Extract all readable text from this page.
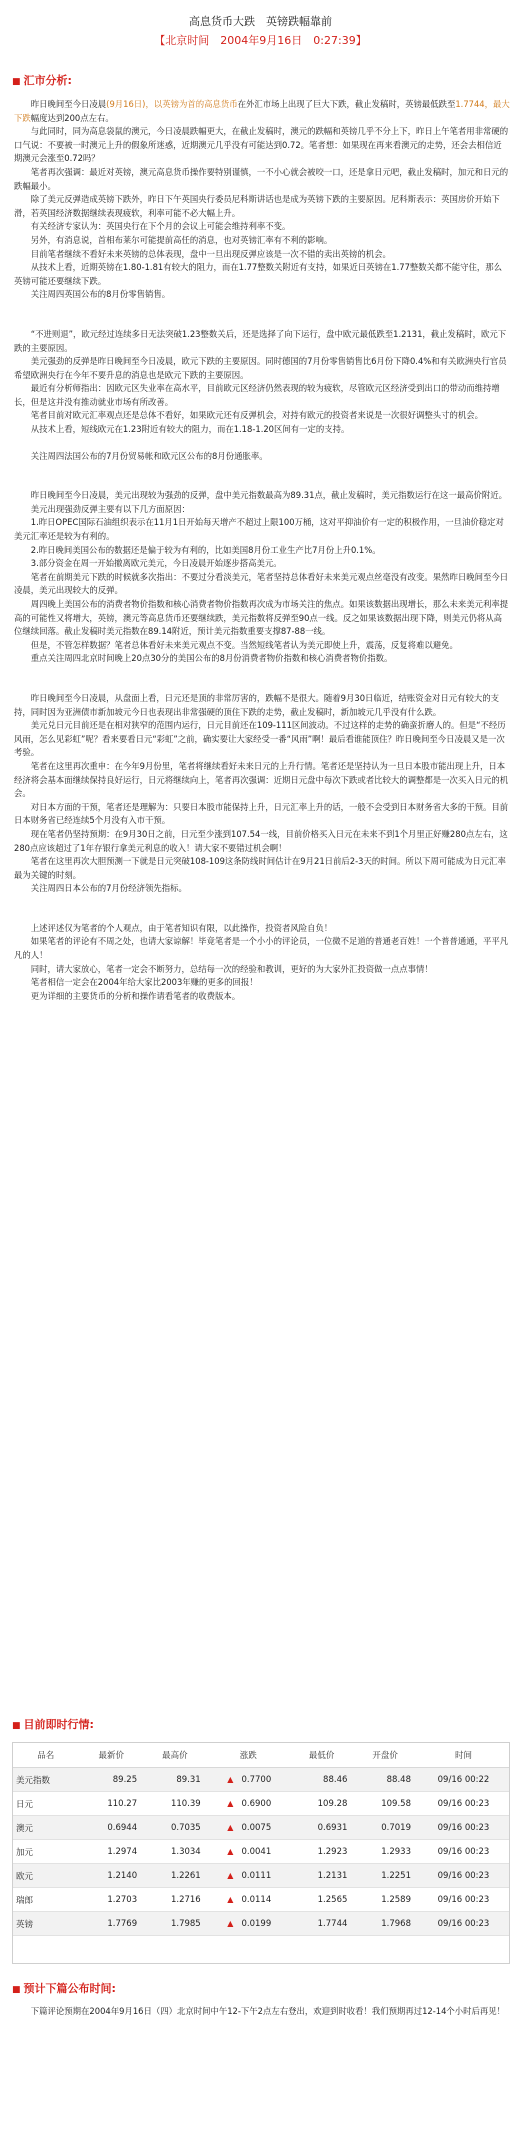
高息货币大跌　英镑跌幅靠前
【北京时间　2004年9月16日　0:27:39】
■ 汇市分析:

昨日晚间至今日凌晨(9月16日)，以英镑为首的高息货币在外汇市场上出现了巨大下跌，截止发稿时，英镑最低跌至1.7744，最大下跌幅度达到200点左右。

与此同时，同为高息袋鼠的澳元，今日凌晨跌幅更大，在截止发稿时，澳元的跌幅和英镑几乎不分上下，昨日上午笔者用非常硬的口气说：不要被一时澳元上升的假象所迷惑，近期澳元几乎没有可能达到0.72。笔者想：如果现在再来看澳元的走势，还会去相信近期澳元会涨至0.72吗？

笔者再次强调：最近对英镑，澳元高息货币操作要特别谨慎，一不小心就会被咬一口，还是拿日元吧，截止发稿时，加元和日元的跌幅最小。

除了美元反弹造成英镑下跌外，昨日下午英国央行委员尼科斯讲话也是成为英镑下跌的主要原因。尼科斯表示：英国房价开始下滑，若英国经济数据继续表现疲软，利率可能不必大幅上升。

有关经济专家认为：英国央行在下个月的会议上可能会维持利率不变。

另外，有消息说，首相布莱尔可能提前高任的消息，也对英镑汇率有不利的影响。

目前笔者继续不看好未来英镑的总体表现，盘中一旦出现反弹应该是一次不错的卖出英镑的机会。

从技术上看，近期英镑在1.80-1.81有较大的阻力，而在1.77整数关附近有支持，如果近日英镑在1.77整数关都不能守住，那么英镑可能还要继续下跌。

关注周四英国公布的8月份零售销售。

“不进则退”，欧元经过连续多日无法突破1.23整数关后，还是选择了向下运行，盘中欧元最低跌至1.2131，截止发稿时，欧元下跌的主要原因。

美元强劲的反弹是昨日晚间至今日凌晨，欧元下跌的主要原因。同时德国的7月份零售销售比6月份下降0.4%和有关欧洲央行官员希望欧洲央行在今年不要升息的消息也是欧元下跌的主要原因。

最近有分析师指出：因欧元区失业率在高水平，目前欧元区经济仍然表现的较为疲软，尽管欧元区经济受到出口的带动而维持增长，但是这并没有推动就业市场有所改善。

笔者目前对欧元汇率观点还是总体不看好，如果欧元还有反弹机会，对持有欧元的投资者来说是一次很好调整头寸的机会。

从技术上看，短线欧元在1.23附近有较大的阻力，而在1.18-1.20区间有一定的支持。

关注周四法国公布的7月份贸易帐和欧元区公布的8月份通胀率。

昨日晚间至今日凌晨，美元出现较为强劲的反弹，盘中美元指数最高为89.31点，截止发稿时，美元指数运行在这一最高价附近。

美元出现强劲反弹主要有以下几方面原因：

1.昨日OPEC国际石油组织表示在11月1日开始每天增产不超过上限100万桶，这对平抑油价有一定的积极作用，一旦油价稳定对美元汇率还是较为有利的。

2.昨日晚间美国公布的数据还是偏于较为有利的，比如美国8月份工业生产比7月份上升0.1%。

3.部分资金在周一开始撤离欧元美元，今日凌晨开始逐步搭高美元。

笔者在前期美元下跌的时候就多次指出：不要过分看淡美元，笔者坚持总体看好未来美元观点丝毫没有改变。果然昨日晚间至今日凌晨，美元出现较大的反弹。

周四晚上美国公布的消费者物价指数和核心消费者物价指数再次成为市场关注的焦点。如果该数据出现增长，那么未来美元利率提高的可能性又将增大，英镑，澳元等高息货币还要继续跌，美元指数将反弹至90点一线。反之如果该数据出现下降，则美元仍将从高位继续回落。截止发稿时美元指数在89.14附近，预计美元指数重要支撑87-88一线。

但是，不管怎样数据？笔者总体看好未来美元观点不变。当然短线笔者认为美元即使上升，震荡，反复将难以避免。

重点关注周四北京时间晚上20点30分的美国公布的8月份消费者物价指数和核心消费者物价指数。

昨日晚间至今日凌晨，从盘面上看，日元还是顶的非常厉害的，跌幅不是很大。随着9月30日临近，结账资金对日元有较大的支持，同时因为亚洲债市新加坡元今日也表现出非常强硬的顶住下跌的走势，截止发稿时，新加坡元几乎没有什么跌。

美元兑日元目前还是在相对狭窄的范围内运行，日元目前还在109-111区间波动。不过这样的走势的确蛮折磨人的。但是“不经历风雨，怎么见彩虹”呢？看来要看日元“彩虹”之前，确实要让大家经受一番“风雨”啊！最后看谁能顶住？昨日晚间至今日凌晨又是一次考验。

笔者在这里再次重申：在今年9月份里，笔者将继续看好未来日元的上升行情。笔者还是坚持认为一旦日本股市能出现上升，日本经济将会基本面继续保持良好运行，日元将继续向上，笔者再次强调：近期日元盘中每次下跌或者比较大的调整都是一次买入日元的机会。

对日本方面的干预，笔者还是理解为：只要日本股市能保持上升，日元汇率上升的话，一般不会受到日本财务省大多的干预。目前日本财务省已经连续5个月没有入市干预。

现在笔者仍坚持预期：在9月30日之前，日元至少涨到107.54一线，目前价格买入日元在未来不到1个月里正好赚280点左右，这280点应该超过了1年存银行拿美元利息的收入！请大家不要错过机会啊！

笔者在这里再次大胆预测一下就是日元突破108-109这条防线时间估计在9月21日前后2-3天的时间。所以下周可能成为日元汇率最为关键的时刻。

关注周四日本公布的7月份经济领先指标。

上述评述仅为笔者的个人观点，由于笔者知识有限，以此操作，投资者风险自负！

如果笔者的评论有不周之处，也请大家谅解！毕竟笔者是一个小小的评论员，一位微不足道的普通老百姓！一个普普通通，平平凡凡的人！

同时，请大家放心，笔者一定会不断努力，总结每一次的经验和教训，更好的为大家外汇投资做一点点事情！

笔者相信一定会在2004年给大家比2003年赚的更多的回报！

更为详细的主要货币的分析和操作请看笔者的收费版本。

■ 目前即时行情:
品名	最新价	最高价	涨跌	最低价	开盘价	时间
美元指数	89.25	89.31	▲ 0.7700	88.46	88.48	09/16 00:22
日元	110.27	110.39	▲ 0.6900	109.28	109.58	09/16 00:23
澳元	0.6944	0.7035	▲ 0.0075	0.6931	0.7019	09/16 00:23
加元	1.2974	1.3034	▲ 0.0041	1.2923	1.2933	09/16 00:23
欧元	1.2140	1.2261	▲ 0.0111	1.2131	1.2251	09/16 00:23
瑞郎	1.2703	1.2716	▲ 0.0114	1.2565	1.2589	09/16 00:23
英镑	1.7769	1.7985	▲ 0.0199	1.7744	1.7968	09/16 00:23
■ 预计下篇公布时间:

下篇评论预期在2004年9月16日（四）北京时间中午12-下午2点左右登出，欢迎到时收看！我们预期再过12-14个小时后再见！
